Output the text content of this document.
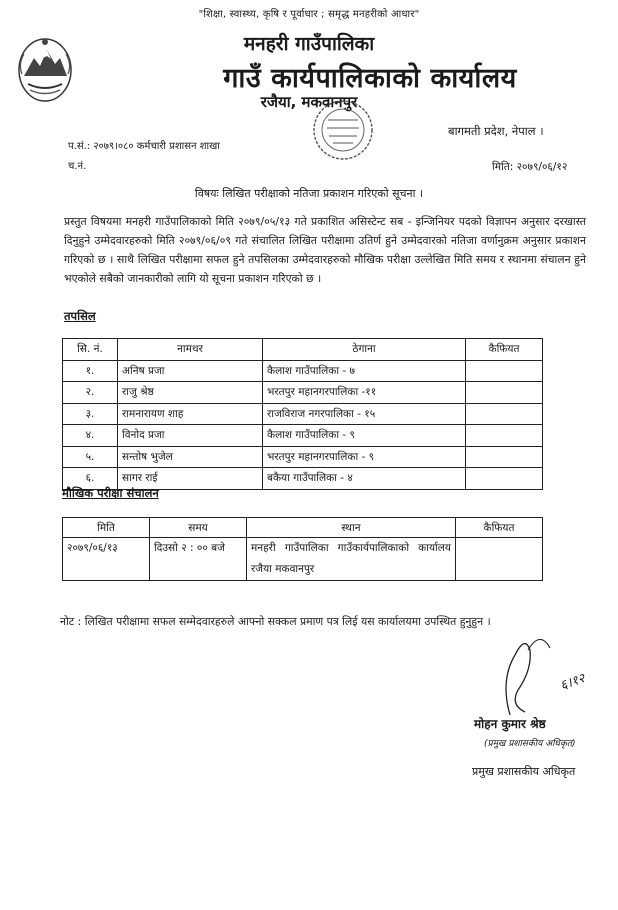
"शिक्षा, स्वास्थ्य, कृषि र पूर्वाधार ; समृद्ध मनहरीको आधार"
मनहरी गाउँपालिका
गाउँ कार्यपालिकाको कार्यालय
रजैया, मकवानपुर
बागमती प्रदेश, नेपाल ।
प.सं.: २०७९।०८० कर्मचारी प्रशासन शाखा
च.नं.	मिति: २०७९/०६/१२
विषयः लिखित परीक्षाको नतिजा प्रकाशन गरिएको सूचना ।
प्रस्तुत विषयमा मनहरी गाउँपालिकाको मिति २०७९/०५/१३ गते प्रकाशित असिस्टेन्ट सब - इन्जिनियर पदको विज्ञापन अनुसार दरखास्त दिनुहुने उम्मेदवारहरुको मिति २०७९/०६/०९ गते संचालित लिखित परीक्षामा उतिर्ण हुने उम्मेदवारको नतिजा वर्णानुक्रम अनुसार प्रकाशन गरिएको छ । साथै लिखित परीक्षामा सफल हुने तपसिलका उम्मेदवारहरुको मौखिक परीक्षा उल्लेखित मिति समय र स्थानमा संचालन हुने भएकोले सबैको जानकारीको लागि यो सूचना प्रकाशन गरिएको छ ।
तपसिल
सि. नं.	नामथर	ठेगाना	कैफियत
१.	अनिष प्रजा	कैलाश गाउँपालिका - ७	
२.	राजु श्रेष्ठ	भरतपुर महानगरपालिका -११	
३.	रामनारायण शाह	राजविराज नगरपालिका - १५	
४.	विनोद प्रजा	कैलाश गाउँपालिका - ९	
५.	सन्तोष भुजेल	भरतपुर महानगरपालिका - ९	
६.	सागर राई	बकैया गाउँपालिका - ४	
मौखिक परीक्षा संचालन
मिति	समय	स्थान	कैफियत
२०७९/०६/१३	दिउसो २ : ०० बजे	मनहरी गाउँपालिका गाउँकार्यपालिकाको कार्यालय रजैया मकवानपुर	
नोट : लिखित परीक्षामा सफल सम्मेदवारहरुले आफ्नो सक्कल प्रमाण पत्र लिई यस कार्यालयमा उपस्थित हुनुहुन ।
६।१२
मोहन कुमार श्रेष्ठ
(प्रमुख प्रशासकीय अधिकृत)
प्रमुख प्रशासकीय अधिकृत
